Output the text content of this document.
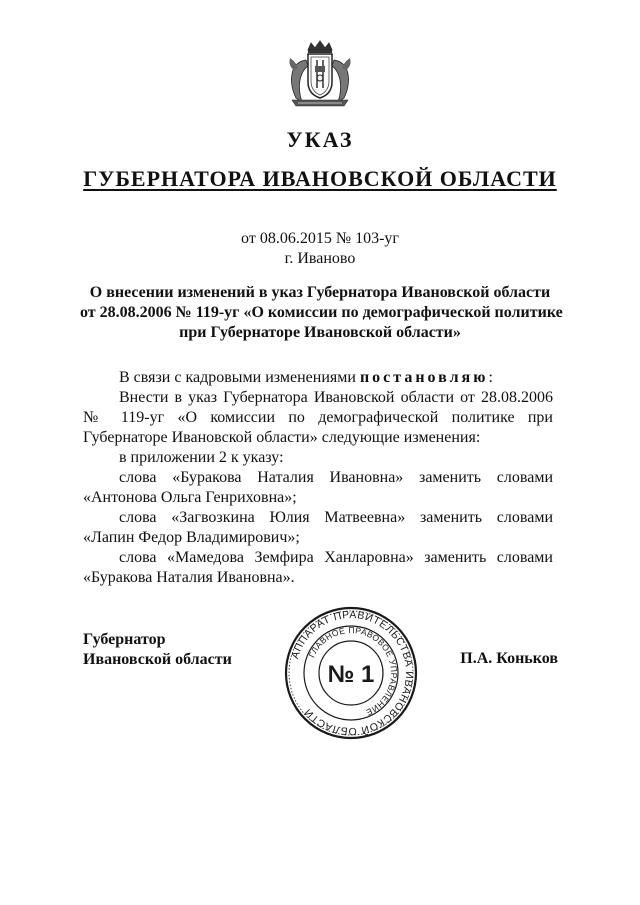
УКАЗ
ГУБЕРНАТОРА ИВАНОВСКОЙ ОБЛАСТИ
от 08.06.2015 № 103-уг
г. Иваново
О внесении изменений в указ Губернатора Ивановской области
от 28.08.2006 № 119-уг «О комиссии по демографической политике
при Губернаторе Ивановской области»

В связи с кадровыми изменениями постановляю:

Внести в указ Губернатора Ивановской области от 28.08.2006 № 119-уг «О комиссии по демографической политике при Губернаторе Ивановской области» следующие изменения:

в приложении 2 к указу:

слова «Буракова Наталия Ивановна» заменить словами «Антонова Ольга Генриховна»;

слова «Загвозкина Юлия Матвеевна» заменить словами «Лапин Федор Владимирович»;

слова «Мамедова Земфира Ханларовна» заменить словами «Буракова Наталия Ивановна».

Губернатор
Ивановской области	П.А. Коньков
АППАРАТ ПРАВИТЕЛЬСТВА ИВАНОВСКОЙ ОБЛАСТИ
ГЛАВНОЕ ПРАВОВОЕ УПРАВЛЕНИЕ
№ 1
